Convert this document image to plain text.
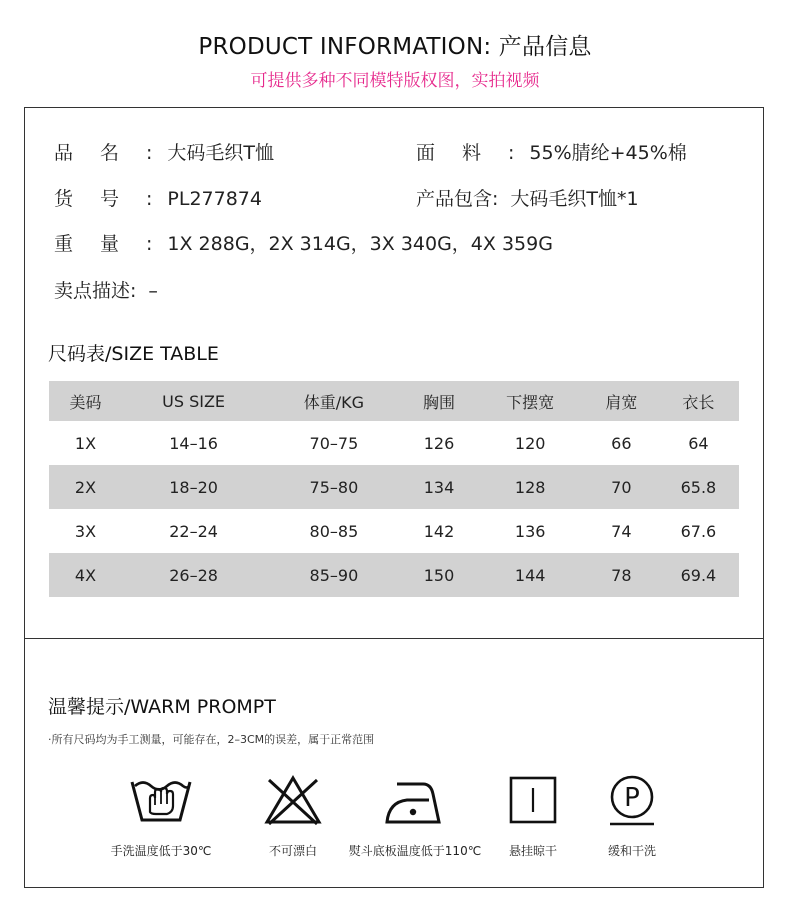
PRODUCT INFORMATION: 产品信息
可提供多种不同模特版权图，实拍视频
品名:大码毛织T恤	面料:55%腈纶+45%棉
货号:PL277874	产品包含: 大码毛织T恤*1
重量:1X 288G，2X 314G，3X 340G，4X 359G
卖点描述: –
尺码表/SIZE TABLE
美码	US SIZE	体重/KG	胸围	下摆宽	肩宽	衣长
1X	14–16	70–75	126	120	66	64
2X	18–20	75–80	134	128	70	65.8
3X	22–24	80–85	142	136	74	67.6
4X	26–28	85–90	150	144	78	69.4
温馨提示/WARM PROMPT
·所有尺码均为手工测量，可能存在，2–3CM的误差，属于正常范围
手洗温度低于30℃	不可漂白	熨斗底板温度低于110℃	悬挂晾干
P
缓和干洗
